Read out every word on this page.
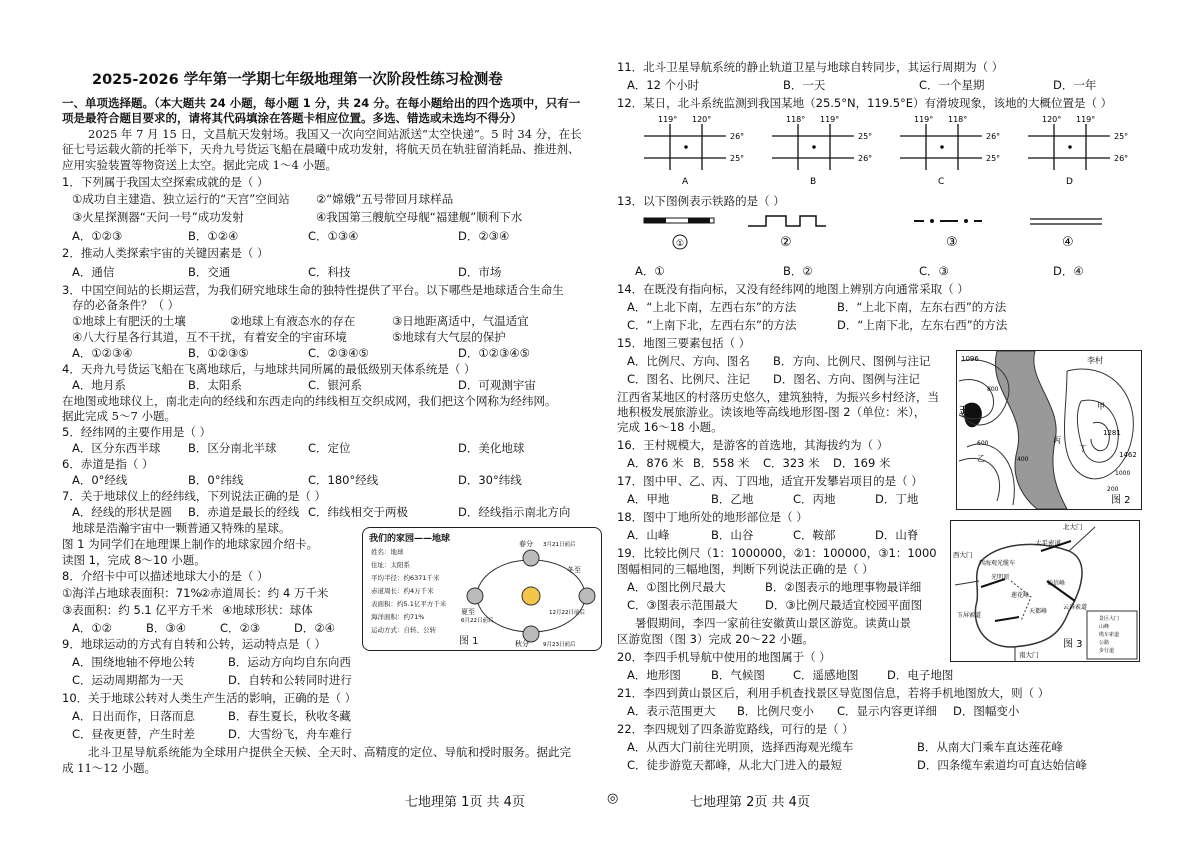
2025-2026 学年第一学期七年级地理第一次阶段性练习检测卷
一、单项选择题。（本大题共 24 小题，每小题 1 分，共 24 分。在每小题给出的四个选项中，只有一
项是最符合题目要求的，请将其代码填涂在答题卡相应位置。多选、错选或未选均不得分）
2025 年 7 月 15 日，文昌航天发射场。我国又一次向空间站派送“太空快递”。5 时 34 分，在长
征七号运载火箭的托举下，天舟九号货运飞船在晨曦中成功发射，将航天员在轨驻留消耗品、推进剂、
应用实验装置等物资送上太空。据此完成 1～4 小题。
1．下列属于我国太空探索成就的是（ ）
①成功自主建造、独立运行的“天宫”空间站 ②“嫦娥”五号带回月球样品
③火星探测器“天问一号”成功发射	④我国第三艘航空母舰“福建舰”顺利下水
A．①②③	B．①②④	C．①③④	D．②③④
2．推动人类探索宇宙的关键因素是（ ）
A．通信	B．交通	C．科技	D．市场
3．中国空间站的长期运营，为我们研究地球生命的独特性提供了平台。以下哪些是地球适合生命生
存的必备条件？（ ）
①地球上有肥沃的土壤	②地球上有液态水的存在	③日地距离适中，气温适宜
④八大行星各行其道，互不干扰，有着安全的宇宙环境	⑤地球有大气层的保护
A．①②③④	B．①②③⑤	C．②③④⑤	D．①②③④⑤
4．天舟九号货运飞船在飞离地球后，与地球共同所属的最低级别天体系统是（ ）
A．地月系	B．太阳系	C．银河系	D．可观测宇宙
在地图或地球仪上，南北走向的经线和东西走向的纬线相互交织成网，我们把这个网称为经纬网。
据此完成 5～7 小题。
5．经纬网的主要作用是（ ）
A．区分东西半球 B．区分南北半球	C．定位	D．美化地球
6．赤道是指（ ）
A．0°经线	B．0°纬线	C．180°经线	D．30°纬线
7．关于地球仪上的经纬线，下列说法正确的是（ ）
A．经线的形状是圆 B．赤道是最长的经线 C．纬线相交于两极	D．经线指示南北方向
地球是浩瀚宇宙中一颗普通又特殊的星球。
图 1 为同学们在地理课上制作的地球家园介绍卡。
读图 1，完成 8～10 小题。
8．介绍卡中可以描述地球大小的是（ ）
①海洋占地球表面积：71%
②赤道周长：约 4 万千米
③表面积：约 5.1 亿平方千米 ④地球形状：球体
A．①②	B．③④	C．②③	D．②④
9．地球运动的方式有自转和公转，运动特点是（ ）
A．围绕地轴不停地公转	B．运动方向均自东向西
C．运动周期都为一天	D．自转和公转同时进行
10．关于地球公转对人类生产生活的影响，正确的是（ ）
A．日出而作，日落而息	B．春生夏长，秋收冬藏
C．昼夜更替，产生时差	D．大雪纷飞，舟车难行
北斗卫星导航系统能为全球用户提供全天候、全天时、高精度的定位、导航和授时服务。据此完
成 11～12 小题。
我们的家园——地球
姓名：地球
住址：太阳系
平均半径：约6371千米
赤道周长：约4万千米
表面积：约5.1亿平方千米
海洋面积：约71%
运动方式：自转、公转
春分 3月21日前后
夏至
6月22日前后
秋分	9月23日前后
冬至
12月22日前后
图 1
11．北斗卫星导航系统的静止轨道卫星与地球自转同步，其运行周期为（ ）
A．12 个小时	B．一天	C．一个星期	D．一年
12．某日，北斗系统监测到我国某地（25.5°N，119.5°E）有滑坡现象，该地的大概位置是（ ）
13．以下图例表示铁路的是（ ）
A．①	B．②	C．③	D．④
14．在既没有指向标，又没有经纬网的地图上辨别方向通常采取（ ）
A．“上北下南，左西右东”的方法	B．“上北下南，左东右西”的方法
C．“上南下北，左西右东”的方法	D．“上南下北，左东右西”的方法
15．地图三要素包括（ ）
A．比例尺、方向、图名 B．方向、比例尺、图例与注记
C．图名、比例尺、注记 D．图名、方向、图例与注记
江西省某地区的村落历史悠久，建筑独特，为振兴乡村经济，当
地积极发展旅游业。读该地等高线地形图-图 2（单位：米），
完成 16～18 小题。
16．王村规模大，是游客的首选地，其海拔约为（ ）
A．876 米 B．558 米 C．323 米 D．169 米
17．图中甲、乙、丙、丁四地，适宜开发攀岩项目的是（ ）
A．甲地	B．乙地	C．丙地	D．丁地
18．图中丁地所处的地形部位是（ ）
A．山峰	B．山谷	C．鞍部	D．山脊
19．比较比例尺（1：1000000，②1：100000，③1：1000
图幅相同的三幅地图，判断下列说法正确的是（ ）
A．①图比例尺最大	B．②图表示的地理事物最详细
C．③图表示范围最大 D．③比例尺最适宜校园平面图
暑假期间，李四一家前往安徽黄山景区游览。读黄山景
区游览图（图 3）完成 20～22 小题。
20．李四手机导航中使用的地图属于（ ）
A．地形图	B．气候图 C．遥感地图 D．电子地图
21．李四到黄山景区后，利用手机查找景区导览图信息，若将手机地图放大，则（ ）
A．表示范围更大 B．比例尺变小 C．显示内容更详细 D．图幅变小
22．李四规划了四条游览路线，可行的是（ ）
A．从西大门前往光明顶，选择西海观光缆车	B．从南大门乘车直达莲花峰
C．徒步游览天都峰，从北大门进入的最短	D．四条缆车索道均可直达始信峰
119° 120°
26°
25°
A
118° 119°
25°
26°
B
119° 118°
26°
25°
C
120° 119°
25°
26°
D
①	②	③	④
1096	李村
王村	甲
乙
丙
丁
1281
1462
1000
800
600
400
200
图 2
北大门
太平索道
西大门
西海观光缆车
光明顶
始信峰
莲花峰
天都峰
云谷索道
玉屏索道
南大门
景区大门
山峰
缆车索道
公路
步行道
图 3
七地理第 1页 共 4页	◎	七地理第 2页 共 4页
